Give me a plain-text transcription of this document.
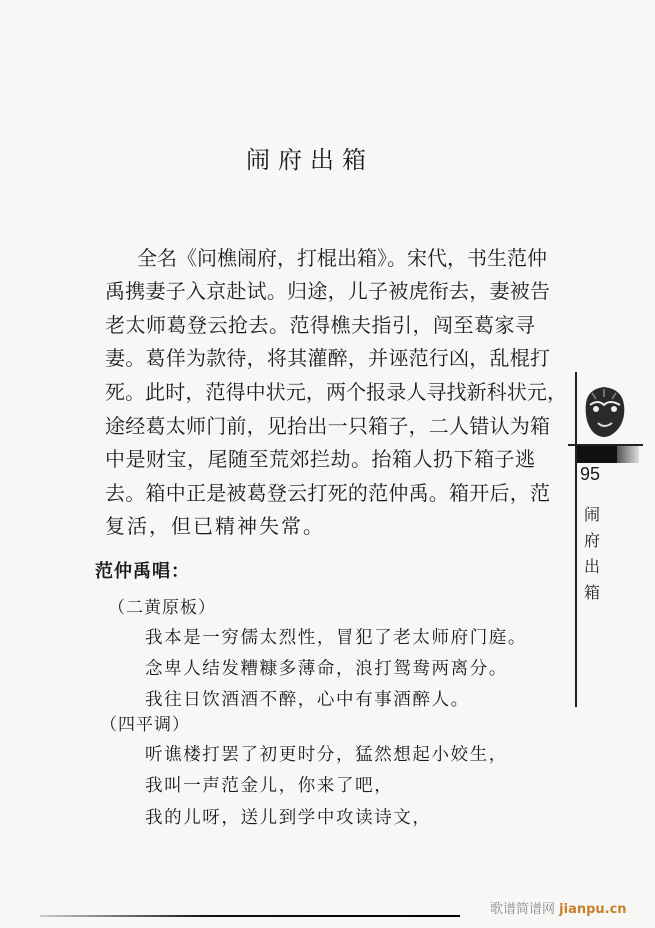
闹府出箱
全名《问樵闹府，打棍出箱》。宋代，书生范仲
禹携妻子入京赴试。归途，儿子被虎衔去，妻被告
老太师葛登云抢去。范得樵夫指引，闯至葛家寻
妻。葛佯为款待，将其灌醉，并诬范行凶，乱棍打
死。此时，范得中状元，两个报录人寻找新科状元，
途经葛太师门前，见抬出一只箱子，二人错认为箱
中是财宝，尾随至荒郊拦劫。抬箱人扔下箱子逃
去。箱中正是被葛登云打死的范仲禹。箱开后，范
复活，但已精神失常。
范仲禹唱：
（二黄原板）
我本是一穷儒太烈性，冒犯了老太师府门庭。
念卑人结发糟糠多薄命，浪打鸳鸯两离分。
我往日饮酒酒不醉，心中有事酒醉人。
（四平调）
听谯楼打罢了初更时分，猛然想起小姣生，
我叫一声范金儿，你来了吧，
我的儿呀，送儿到学中攻读诗文，
95
闹府出箱
歌谱简谱网 jianpu.cn
